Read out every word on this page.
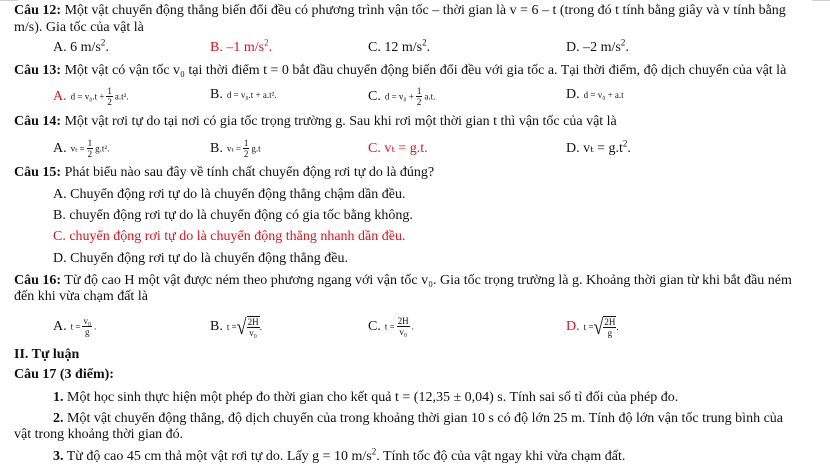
Câu 12: Một vật chuyển động thẳng biến đổi đều có phương trình vận tốc – thời gian là v = 6 – t (trong đó t tính bằng giây và v tính bằng
m/s). Gia tốc của vật là
A. 6 $m/s^2$.	B. –1 $m/s^2$.	C. 12 $m/s^2$.	D. –2 $m/s^2$.
Câu 13: Một vật có vận tốc v₀ tại thời điểm t = 0 bắt đầu chuyển động biến đổi đều với gia tốc a. Tại thời điểm, độ dịch chuyển của vật là
A. $d = v_0.t + \frac{1}{2} a.t^2$.	B. d = v₀.t + a.t².	C. $d = v_0 + \frac{1}{2} a.t$.	D. d = v₀ + a.t
Câu 14: Một vật rơi tự do tại nơi có gia tốc trọng trường g. Sau khi rơi một thời gian t thì vận tốc của vật là
A. $v_t = \frac{1}{2} g.t^2$.	B. $v_t = \frac{1}{2} g.t$	C. vₜ = g.t.	D. $v_t = g.t^2$.
Câu 15: Phát biểu nào sau đây về tính chất chuyển động rơi tự do là đúng?
A. Chuyển động rơi tự do là chuyển động thẳng chậm dần đều.
B. chuyển động rơi tự do là chuyển động có gia tốc bằng không.
C. chuyển động rơi tự do là chuyển động thẳng nhanh dần đều.
D. Chuyển động rơi tự do là chuyển động thẳng đều.
Câu 16: Từ độ cao H một vật được ném theo phương ngang với vận tốc v₀. Gia tốc trọng trường là g. Khoảng thời gian từ khi bắt đầu ném
đến khi vừa chạm đất là
A. $t = \frac{\text{v₀}}{g}$ .	B. t = √ 2H
v₀
.	C. $t = \frac{2H}{\text{v₀}}$ .	D. t = √ 2H
g
.
II. Tự luận
Câu 17 (3 điểm):
1. Một học sinh thực hiện một phép đo thời gian cho kết quả t = (12,35 ± 0,04) s. Tính sai số tỉ đối của phép đo.
2. Một vật chuyển động thẳng, độ dịch chuyển của trong khoảng thời gian 10 s có độ lớn 25 m. Tính độ lớn vận tốc trung bình của
vật trong khoảng thời gian đó.
3. Từ độ cao 45 cm thả một vật rơi tự do. Lấy g = 10 $m/s^2$. Tính tốc độ của vật ngay khi vừa chạm đất.
